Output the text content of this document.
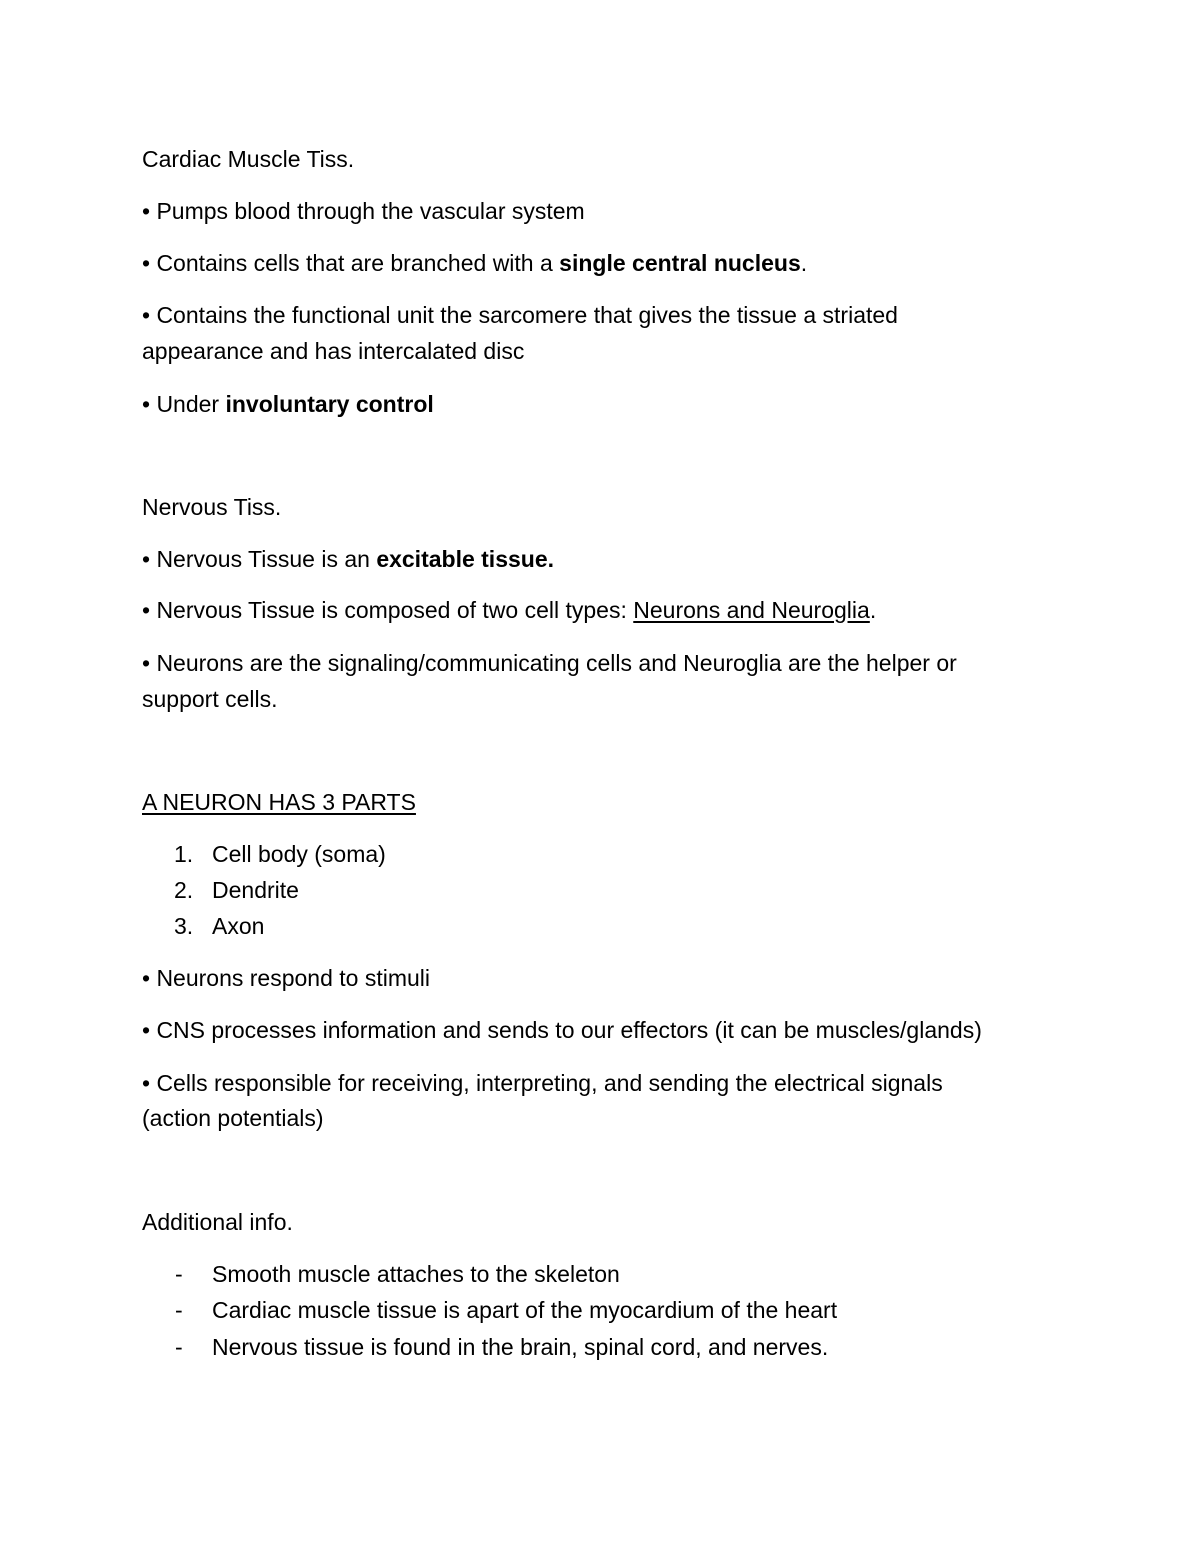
Cardiac Muscle Tiss.
• Pumps blood through the vascular system
• Contains cells that are branched with a single central nucleus.
• Contains the functional unit the sarcomere that gives the tissue a striated
appearance and has intercalated disc
• Under involuntary control
Nervous Tiss.
• Nervous Tissue is an excitable tissue.
• Nervous Tissue is composed of two cell types: Neurons and Neuroglia.
• Neurons are the signaling/communicating cells and Neuroglia are the helper or
support cells.
A NEURON HAS 3 PARTS
1. Cell body (soma)
2. Dendrite
3. Axon
• Neurons respond to stimuli
• CNS processes information and sends to our effectors (it can be muscles/glands)
• Cells responsible for receiving, interpreting, and sending the electrical signals
(action potentials)
Additional info.
- Smooth muscle attaches to the skeleton
- Cardiac muscle tissue is apart of the myocardium of the heart
- Nervous tissue is found in the brain, spinal cord, and nerves.
